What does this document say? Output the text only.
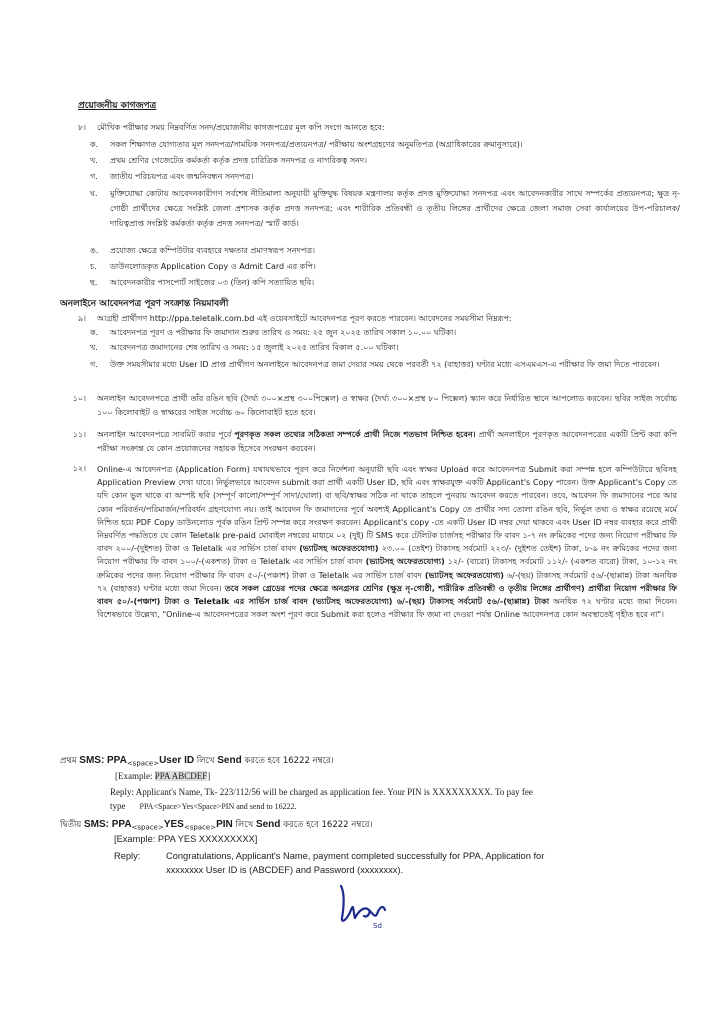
প্রয়োজনীয় কাগজপত্র
৮। মৌখিক পরীক্ষার সময় নিম্নবর্ণিত সনদ/প্রয়োজনীয় কাগজপত্রের মূল কপি সংগে আনতে হবে:
ক.	সকল শিক্ষাগত যোগ্যতার মূল সনদপত্র/সাময়িক সনদপত্র/প্রত্যয়নপত্র/ পরীক্ষায় অংশগ্রহণের অনুমতিপত্র (অগ্রাধিকারের ক্রমানুসারে)।
খ.	প্রথম শ্রেণির গেজেটেড কর্মকর্তা কর্তৃক প্রদত্ত চারিত্রিক সনদপত্র ও নাগরিকত্ব সনদ।
গ.	জাতীয় পরিচয়পত্র এবং জন্মনিবন্ধন সনদপত্র।
ঘ.	মুক্তিযোদ্ধা কোটায় আবেদনকারীগণ সর্বশেষ নীতিমালা অনুযায়ী মুক্তিযুদ্ধ বিষয়ক মন্ত্রণালয় কর্তৃক প্রদত্ত মুক্তিযোদ্ধা সনদপত্র এবং আবেদনকারীর সাথে সম্পর্কের প্রত্যয়নপত্র; ক্ষুদ্র নৃ-গোষ্ঠী প্রার্থীদের ক্ষেত্রে সংশ্লিষ্ট জেলা প্রশাসক কর্তৃক প্রদত্ত সনদপত্র; এবং শারীরিক প্রতিবন্ধী ও তৃতীয় লিঙ্গের প্রার্থীদের ক্ষেত্রে জেলা সমাজ সেবা কার্যালয়ের উপ-পরিচালক/ দায়িত্বপ্রাপ্ত সংশ্লিষ্ট কর্মকর্তা কর্তৃক প্রদত্ত সনদপত্র/ স্মার্ট কার্ড।
ঙ.	প্রযোজ্য ক্ষেত্রে কম্পিউটার ব্যবহারে দক্ষতার প্রমাণস্বরূপ সনদপত্র।
চ.	ডাউনলোডকৃত Application Copy ও Admit Card এর কপি।
ছ.	আবেদনকারীর পাসপোর্ট সাইজের ০৩ (তিন) কপি সত্যায়িত ছবি।
অনলাইনে আবেদনপত্র পূরণ সংক্রান্ত নিয়মাবলী
৯। আগ্রহী প্রার্থীগণ http://ppa.teletalk.com.bd এই ওয়েবসাইটে আবেদনপত্র পূরণ করতে পারবেন। আবেদনের সময়সীমা নিম্নরূপ:
ক.	আবেদনপত্র পূরণ ও পরীক্ষার ফি জমাদান শুরুর তারিখ ও সময়: ২৫ জুন ২০২৫ তারিখ সকাল ১০.০০ ঘটিকা।
খ.	আবেদনপত্র জমাদানের শেষ তারিখ ও সময়: ১৫ জুলাই ২০২৫ তারিখ বিকাল ৫.০০ ঘটিকা।
গ.	উক্ত সময়সীমার মধ্যে User ID প্রাপ্ত প্রার্থীগণ অনলাইনে আবেদনপত্র জমা দেয়ার সময় থেকে পরবর্তী ৭২ (বাহাত্তর) ঘণ্টার মধ্যে এসএমএস-এ পরীক্ষার ফি জমা দিতে পারবেন।
১০। অনলাইন আবেদনপত্রে প্রার্থী তাঁর রঙিন ছবি (দৈর্ঘ্য ৩০০×প্রস্থ ৩০০পিক্সেল) ও স্বাক্ষর (দৈর্ঘ্য ৩০০×প্রস্থ ৮০ পিক্সেল) স্ক্যান করে নির্ধারিত স্থানে আপলোড করবেন। ছবির সাইজ সর্বোচ্চ ১০০ কিলোবাইট ও স্বাক্ষরের সাইজ সর্বোচ্চ ৬০ কিলোবাইট হতে হবে।
১১। অনলাইন আবেদনপত্রে সাবমিট করার পূর্বে পূরণকৃত সকল তথ্যের সঠিকতা সম্পর্কে প্রার্থী নিজে শতভাগ নিশ্চিত হবেন। প্রার্থী অনলাইনে পূরণকৃত আবেদনপত্রের একটি প্রিন্ট করা কপি পরীক্ষা সংক্রান্ত যে কোন প্রয়োজনের সহায়ক হিসেবে সংরক্ষণ করবেন।
১২। Online-এ আবেদনপত্র (Application Form) যথাযথভাবে পূরণ করে নির্দেশনা অনুযায়ী ছবি এবং স্বাক্ষর Upload করে আবেদনপত্র Submit করা সম্পন্ন হলে কম্পিউটারে ছবিসহ Application Preview দেখা যাবে। নির্ভুলভাবে আবেদন submit করা প্রার্থী একটি User ID, ছবি এবং স্বাক্ষরযুক্ত একটি Applicant's Copy পাবেন। উক্ত Applicant's Copy তে যদি কোন ভুল থাকে বা অস্পষ্ট ছবি (সম্পূর্ণ কালো/সম্পূর্ণ সাদা/ঘোলা) বা ছবি/স্বাক্ষর সঠিক না থাকে তাহলে পুনরায় আবেদন করতে পারবেন। তবে, আবেদন ফি জমাদানের পরে আর কোন পরিবর্তন/পরিমার্জন/পরিবর্ধন গ্রহণযোগ্য নয়। তাই আবেদন ফি জমাদানের পূর্বে অবশ্যই Applicant's Copy তে প্রার্থীর সদ্য তোলা রঙিন ছবি, নির্ভুল তথ্য ও স্বাক্ষর রয়েছে মর্মে নিশ্চিত হয়ে PDF Copy ডাউনলোড পূর্বক রঙিন প্রিন্ট সম্পন্ন করে সংরক্ষণ করবেন। Applicant's copy -তে একটি User ID নম্বর দেয়া থাকবে এবং User ID নম্বর ব্যবহার করে প্রার্থী নিম্নবর্ণিত পদ্ধতিতে যে কোন Teletalk pre-paid মোবাইল নম্বরের মাধ্যমে ০২ (দুই) টি SMS করে টেলিটক চার্জসহ পরীক্ষার ফি বাবদ ১-৭ নং ক্রমিকের পদের জন্য নিয়োগ পরীক্ষার ফি বাবদ ২০০/-(দুইশত) টাকা ও Teletalk এর সার্ভিস চার্জ বাবদ (ভ্যাটসহ অফেরতযোগ্য) ২৩.০০ (তেইশ) টাকাসহ সর্বমোট ২২৩/- (দুইশত তেইশ) টাকা, ৮-৯ নং ক্রমিকের পদের জন্য নিয়োগ পরীক্ষার ফি বাবদ ১০০/-(একশত) টাকা ও Teletalk এর সার্ভিস চার্জ বাবদ (ভ্যাটসহ অফেরতযোগ্য) ১২/- (বারো) টাকাসহ সর্বমোট ১১২/- (একশত বারো) টাকা, ১০-১২ নং ক্রমিকের পদের জন্য নিয়োগ পরীক্ষার ফি বাবদ ৫০/-(পঞ্চাশ) টাকা ও Teletalk এর সার্ভিস চার্জ বাবদ (ভ্যাটসহ অফেরতযোগ্য) ৬/-(ছয়) টাকাসহ সর্বমোট ৫৬/-(ছাপ্পান্ন) টাকা অনধিক ৭২ (বাহাত্তর) ঘণ্টার মধ্যে জমা দিবেন। তবে সকল গ্রেডের পদের ক্ষেত্রে অনগ্রসর শ্রেণির (ক্ষুদ্র নৃ-গোষ্ঠী, শারীরিক প্রতিবন্ধী ও তৃতীয় লিঙ্গের প্রার্থীগণ) প্রার্থীরা নিয়োগ পরীক্ষার ফি বাবদ ৫০/-(পঞ্চাশ) টাকা ও Teletalk এর সার্ভিস চার্জ বাবদ (ভ্যাটসহ অফেরতযোগ্য) ৬/-(ছয়) টাকাসহ সর্বমোট ৫৬/-(ছাপ্পান্ন) টাকা অনধিক ৭২ ঘণ্টার মধ্যে জমা দিবেন। বিশেষভাবে উল্লেখ্য, "Online-এ আবেদনপত্রের সকল অংশ পূরণ করে Submit করা হলেও পরীক্ষার ফি জমা না দেওয়া পর্যন্ত Online আবেদনপত্র কোন অবস্থাতেই গৃহীত হবে না"।
প্রথম SMS: $PPA_{<space>}User$ ID লিখে Send করতে হবে 16222 নম্বরে।
[Example: PPA ABCDEF]
Reply: Applicant's Name, Tk- 223/112/56 will be charged as application fee. Your PIN is XXXXXXXXX. To pay fee
type PPA<Space>Yes<Space>PIN and send to 16222.
দ্বিতীয় SMS: $PPA_{<space>}YES_{<space>}PIN$ লিখে Send করতে হবে 16222 নম্বরে।
[Example: PPA YES XXXXXXXXX]
Reply:	Congratulations, Applicant's Name, payment completed successfully for PPA, Application for
xxxxxxxx User ID is (ABCDEF) and Password (xxxxxxxx).
Sd
